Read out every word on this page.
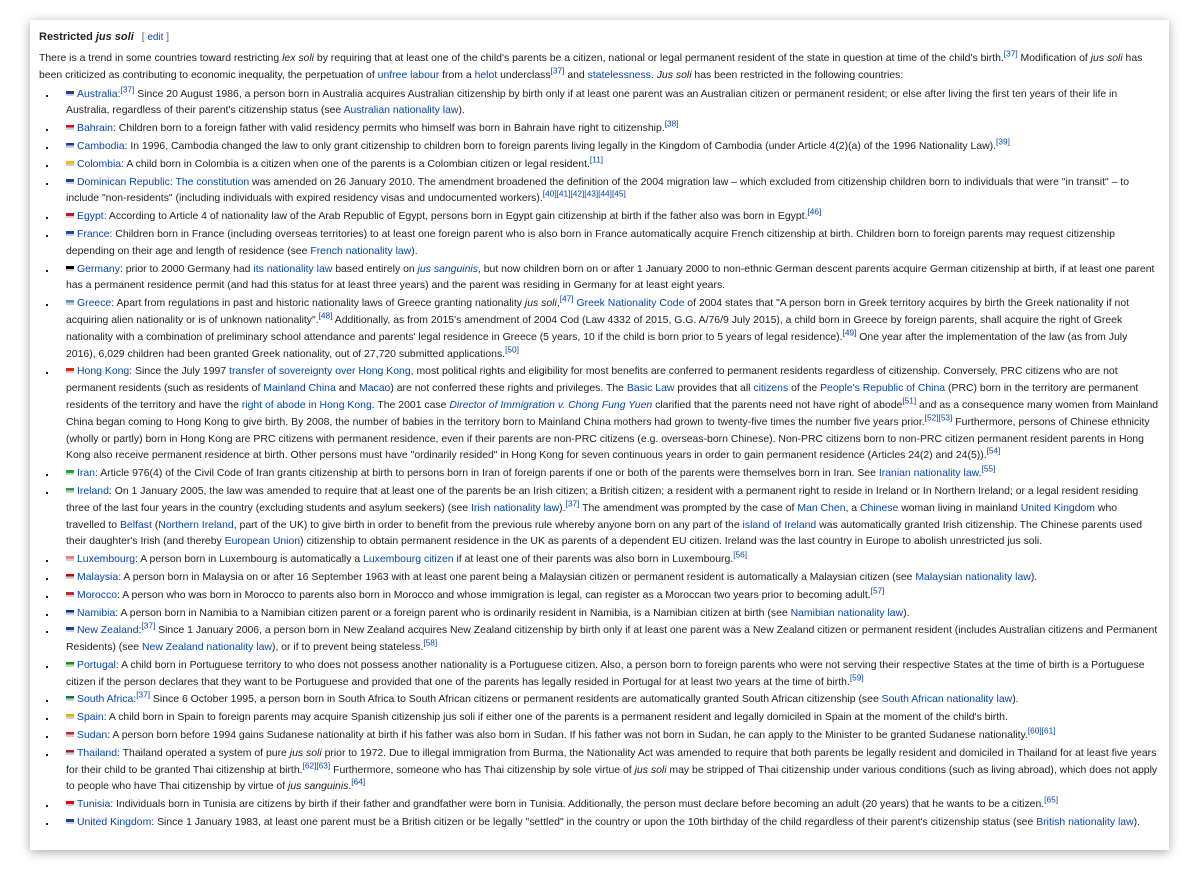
Restricted jus soli [ edit ]

There is a trend in some countries toward restricting lex soli by requiring that at least one of the child's parents be a citizen, national or legal permanent resident of the state in question at time of the child's birth.[37] Modification of jus soli has been criticized as contributing to economic inequality, the perpetuation of unfree labour from a helot underclass[37] and statelessness. Jus soli has been restricted in the following countries:

Australia:[37] Since 20 August 1986, a person born in Australia acquires Australian citizenship by birth only if at least one parent was an Australian citizen or permanent resident; or else after living the first ten years of their life in Australia, regardless of their parent's citizenship status (see Australian nationality law).
Bahrain: Children born to a foreign father with valid residency permits who himself was born in Bahrain have right to citizenship.[38]
Cambodia: In 1996, Cambodia changed the law to only grant citizenship to children born to foreign parents living legally in the Kingdom of Cambodia (under Article 4(2)(a) of the 1996 Nationality Law).[39]
Colombia: A child born in Colombia is a citizen when one of the parents is a Colombian citizen or legal resident.[11]
Dominican Republic: The constitution was amended on 26 January 2010. The amendment broadened the definition of the 2004 migration law – which excluded from citizenship children born to individuals that were "in transit" – to include "non-residents" (including individuals with expired residency visas and undocumented workers).[40][41][42][43][44][45]
Egypt: According to Article 4 of nationality law of the Arab Republic of Egypt, persons born in Egypt gain citizenship at birth if the father also was born in Egypt.[46]
France: Children born in France (including overseas territories) to at least one foreign parent who is also born in France automatically acquire French citizenship at birth. Children born to foreign parents may request citizenship depending on their age and length of residence (see French nationality law).
Germany: prior to 2000 Germany had its nationality law based entirely on jus sanguinis, but now children born on or after 1 January 2000 to non-ethnic German descent parents acquire German citizenship at birth, if at least one parent has a permanent residence permit (and had this status for at least three years) and the parent was residing in Germany for at least eight years.
Greece: Apart from regulations in past and historic nationality laws of Greece granting nationality jus soli,[47] Greek Nationality Code of 2004 states that "A person born in Greek territory acquires by birth the Greek nationality if not acquiring alien nationality or is of unknown nationality".[48] Additionally, as from 2015's amendment of 2004 Cod (Law 4332 of 2015, G.G. A/76/9 July 2015), a child born in Greece by foreign parents, shall acquire the right of Greek nationality with a combination of preliminary school attendance and parents' legal residence in Greece (5 years, 10 if the child is born prior to 5 years of legal residence).[49] One year after the implementation of the law (as from July 2016), 6,029 children had been granted Greek nationality, out of 27,720 submitted applications.[50]
Hong Kong: Since the July 1997 transfer of sovereignty over Hong Kong, most political rights and eligibility for most benefits are conferred to permanent residents regardless of citizenship. Conversely, PRC citizens who are not permanent residents (such as residents of Mainland China and Macao) are not conferred these rights and privileges. The Basic Law provides that all citizens of the People's Republic of China (PRC) born in the territory are permanent residents of the territory and have the right of abode in Hong Kong. The 2001 case Director of Immigration v. Chong Fung Yuen clarified that the parents need not have right of abode[51] and as a consequence many women from Mainland China began coming to Hong Kong to give birth. By 2008, the number of babies in the territory born to Mainland China mothers had grown to twenty-five times the number five years prior.[52][53] Furthermore, persons of Chinese ethnicity (wholly or partly) born in Hong Kong are PRC citizens with permanent residence, even if their parents are non-PRC citizens (e.g. overseas-born Chinese). Non-PRC citizens born to non-PRC citizen permanent resident parents in Hong Kong also receive permanent residence at birth. Other persons must have "ordinarily resided" in Hong Kong for seven continuous years in order to gain permanent residence (Articles 24(2) and 24(5)).[54]
Iran: Article 976(4) of the Civil Code of Iran grants citizenship at birth to persons born in Iran of foreign parents if one or both of the parents were themselves born in Iran. See Iranian nationality law.[55]
Ireland: On 1 January 2005, the law was amended to require that at least one of the parents be an Irish citizen; a British citizen; a resident with a permanent right to reside in Ireland or In Northern Ireland; or a legal resident residing three of the last four years in the country (excluding students and asylum seekers) (see Irish nationality law).[37] The amendment was prompted by the case of Man Chen, a Chinese woman living in mainland United Kingdom who travelled to Belfast (Northern Ireland, part of the UK) to give birth in order to benefit from the previous rule whereby anyone born on any part of the island of Ireland was automatically granted Irish citizenship. The Chinese parents used their daughter's Irish (and thereby European Union) citizenship to obtain permanent residence in the UK as parents of a dependent EU citizen. Ireland was the last country in Europe to abolish unrestricted jus soli.
Luxembourg: A person born in Luxembourg is automatically a Luxembourg citizen if at least one of their parents was also born in Luxembourg.[56]
Malaysia: A person born in Malaysia on or after 16 September 1963 with at least one parent being a Malaysian citizen or permanent resident is automatically a Malaysian citizen (see Malaysian nationality law).
Morocco: A person who was born in Morocco to parents also born in Morocco and whose immigration is legal, can register as a Moroccan two years prior to becoming adult.[57]
Namibia: A person born in Namibia to a Namibian citizen parent or a foreign parent who is ordinarily resident in Namibia, is a Namibian citizen at birth (see Namibian nationality law).
New Zealand:[37] Since 1 January 2006, a person born in New Zealand acquires New Zealand citizenship by birth only if at least one parent was a New Zealand citizen or permanent resident (includes Australian citizens and Permanent Residents) (see New Zealand nationality law), or if to prevent being stateless.[58]
Portugal: A child born in Portuguese territory to who does not possess another nationality is a Portuguese citizen. Also, a person born to foreign parents who were not serving their respective States at the time of birth is a Portuguese citizen if the person declares that they want to be Portuguese and provided that one of the parents has legally resided in Portugal for at least two years at the time of birth.[59]
South Africa:[37] Since 6 October 1995, a person born in South Africa to South African citizens or permanent residents are automatically granted South African citizenship (see South African nationality law).
Spain: A child born in Spain to foreign parents may acquire Spanish citizenship jus soli if either one of the parents is a permanent resident and legally domiciled in Spain at the moment of the child's birth.
Sudan: A person born before 1994 gains Sudanese nationality at birth if his father was also born in Sudan. If his father was not born in Sudan, he can apply to the Minister to be granted Sudanese nationality.[60][61]
Thailand: Thailand operated a system of pure jus soli prior to 1972. Due to illegal immigration from Burma, the Nationality Act was amended to require that both parents be legally resident and domiciled in Thailand for at least five years for their child to be granted Thai citizenship at birth.[62][63] Furthermore, someone who has Thai citizenship by sole virtue of jus soli may be stripped of Thai citizenship under various conditions (such as living abroad), which does not apply to people who have Thai citizenship by virtue of jus sanguinis.[64]
Tunisia: Individuals born in Tunisia are citizens by birth if their father and grandfather were born in Tunisia. Additionally, the person must declare before becoming an adult (20 years) that he wants to be a citizen.[65]
United Kingdom: Since 1 January 1983, at least one parent must be a British citizen or be legally "settled" in the country or upon the 10th birthday of the child regardless of their parent's citizenship status (see British nationality law).
